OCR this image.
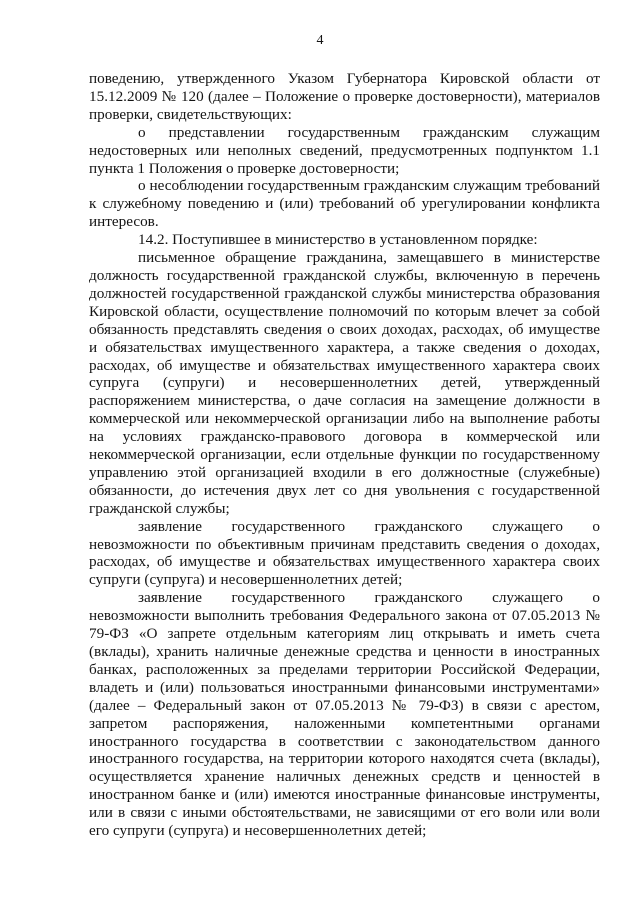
4

поведению, утвержденного Указом Губернатора Кировской области от 15.12.2009 № 120 (далее – Положение о проверке достоверности), материалов проверки, свидетельствующих:

о представлении государственным гражданским служащим недостоверных или неполных сведений, предусмотренных подпунктом 1.1 пункта 1 Положения о проверке достоверности;

о несоблюдении государственным гражданским служащим требований к служебному поведению и (или) требований об урегулировании конфликта интересов.

14.2. Поступившее в министерство в установленном порядке:

письменное обращение гражданина, замещавшего в министерстве должность государственной гражданской службы, включенную в перечень должностей государственной гражданской службы министерства образования Кировской области, осуществление полномочий по которым влечет за собой обязанность представлять сведения о своих доходах, расходах, об имуществе и обязательствах имущественного характера, а также сведения о доходах, расходах, об имуществе и обязательствах имущественного характера своих супруга (супруги) и несовершеннолетних детей, утвержденный распоряжением министерства, о даче согласия на замещение должности в коммерческой или некоммерческой организации либо на выполнение работы на условиях гражданско-правового договора в коммерческой или некоммерческой организации, если отдельные функции по государственному управлению этой организацией входили в его должностные (служебные) обязанности, до истечения двух лет со дня увольнения с государственной гражданской службы;

заявление государственного гражданского служащего о невозможности по объективным причинам представить сведения о доходах, расходах, об имуществе и обязательствах имущественного характера своих супруги (супруга) и несовершеннолетних детей;

заявление государственного гражданского служащего о невозможности выполнить требования Федерального закона от 07.05.2013 № 79-ФЗ «О запрете отдельным категориям лиц открывать и иметь счета (вклады), хранить наличные денежные средства и ценности в иностранных банках, расположенных за пределами территории Российской Федерации, владеть и (или) пользоваться иностранными финансовыми инструментами» (далее – Федеральный закон от 07.05.2013 № 79-ФЗ) в связи с арестом, запретом распоряжения, наложенными компетентными органами иностранного государства в соответствии с законодательством данного иностранного государства, на территории которого находятся счета (вклады), осуществляется хранение наличных денежных средств и ценностей в иностранном банке и (или) имеются иностранные финансовые инструменты, или в связи с иными обстоятельствами, не зависящими от его воли или воли его супруги (супруга) и несовершеннолетних детей;
